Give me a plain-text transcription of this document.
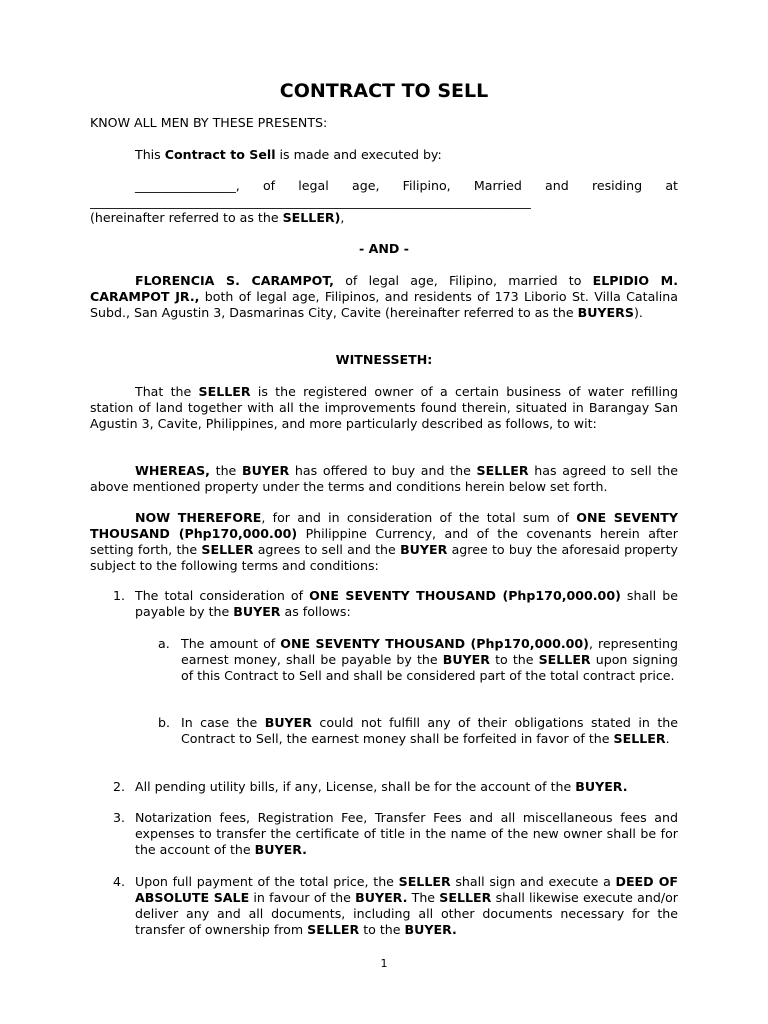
CONTRACT TO SELL
KNOW ALL MEN BY THESE PRESENTS:
This Contract to Sell is made and executed by:
________________, of legal age, Filipino, Married and residing at
______________________________________________________________________
(hereinafter referred to as the SELLER),
- AND -
FLORENCIA S. CARAMPOT, of legal age, Filipino, married to ELPIDIO M. CARAMPOT JR., both of legal age, Filipinos, and residents of 173 Liborio St. Villa Catalina Subd., San Agustin 3, Dasmarinas City, Cavite (hereinafter referred to as the BUYERS).
WITNESSETH:
That the SELLER is the registered owner of a certain business of water refilling station of land together with all the improvements found therein, situated in Barangay San Agustin 3, Cavite, Philippines, and more particularly described as follows, to wit:
WHEREAS, the BUYER has offered to buy and the SELLER has agreed to sell the above mentioned property under the terms and conditions herein below set forth.
NOW THEREFORE, for and in consideration of the total sum of ONE SEVENTY THOUSAND (Php170,000.00) Philippine Currency, and of the covenants herein after setting forth, the SELLER agrees to sell and the BUYER agree to buy the aforesaid property subject to the following terms and conditions:
1. The total consideration of ONE SEVENTY THOUSAND (Php170,000.00) shall be payable by the BUYER as follows:
a. The amount of ONE SEVENTY THOUSAND (Php170,000.00), representing earnest money, shall be payable by the BUYER to the SELLER upon signing of this Contract to Sell and shall be considered part of the total contract price.
b. In case the BUYER could not fulfill any of their obligations stated in the Contract to Sell, the earnest money shall be forfeited in favor of the SELLER.
2. All pending utility bills, if any, License, shall be for the account of the BUYER.
3. Notarization fees, Registration Fee, Transfer Fees and all miscellaneous fees and expenses to transfer the certificate of title in the name of the new owner shall be for the account of the BUYER.
4. Upon full payment of the total price, the SELLER shall sign and execute a DEED OF ABSOLUTE SALE in favour of the BUYER. The SELLER shall likewise execute and/or deliver any and all documents, including all other documents necessary for the transfer of ownership from SELLER to the BUYER.
1
